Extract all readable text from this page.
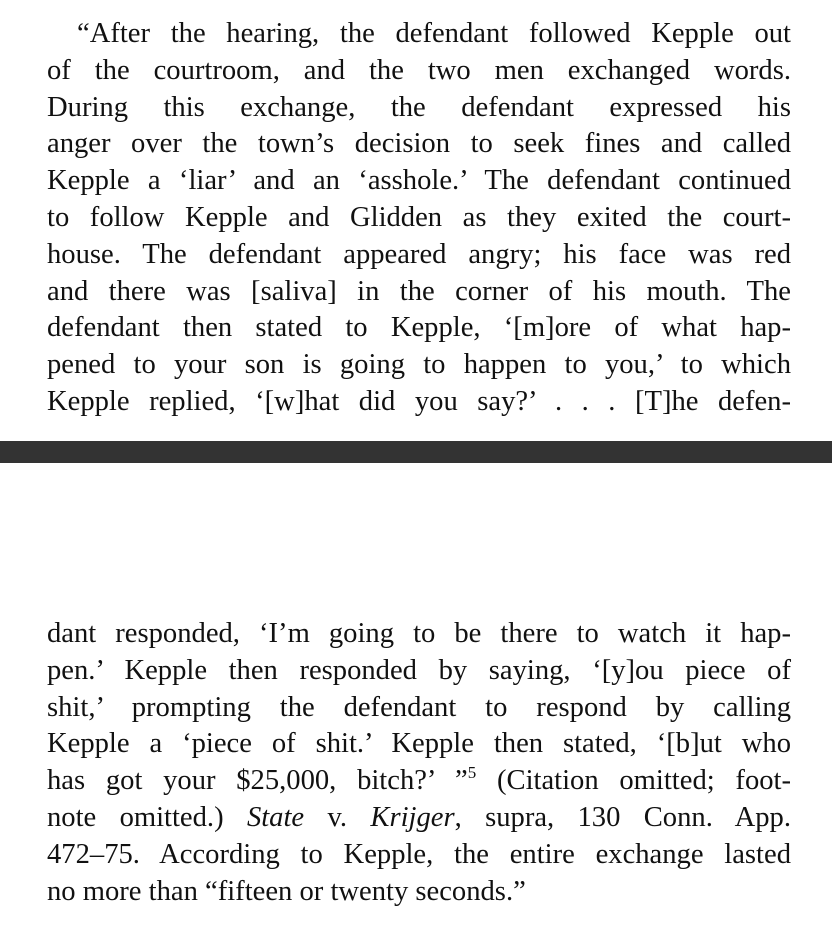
“After the hearing, the defendant followed Kepple out
of the courtroom, and the two men exchanged words.
During this exchange, the defendant expressed his
anger over the town’s decision to seek fines and called
Kepple a ‘liar’ and an ‘asshole.’ The defendant continued
to follow Kepple and Glidden as they exited the court-
house. The defendant appeared angry; his face was red
and there was [saliva] in the corner of his mouth. The
defendant then stated to Kepple, ‘[m]ore of what hap-
pened to your son is going to happen to you,’ to which
Kepple replied, ‘[w]hat did you say?’ . . . [T]he defen-
dant responded, ‘I’m going to be there to watch it hap-
pen.’ Kepple then responded by saying, ‘[y]ou piece of
shit,’ prompting the defendant to respond by calling
Kepple a ‘piece of shit.’ Kepple then stated, ‘[b]ut who
has got your $25,000, bitch?’ ”$^5$ (Citation omitted; foot-
note omitted.) State v. Krijger, supra, 130 Conn. App.
472–75. According to Kepple, the entire exchange lasted
no more than “fifteen or twenty seconds.”
